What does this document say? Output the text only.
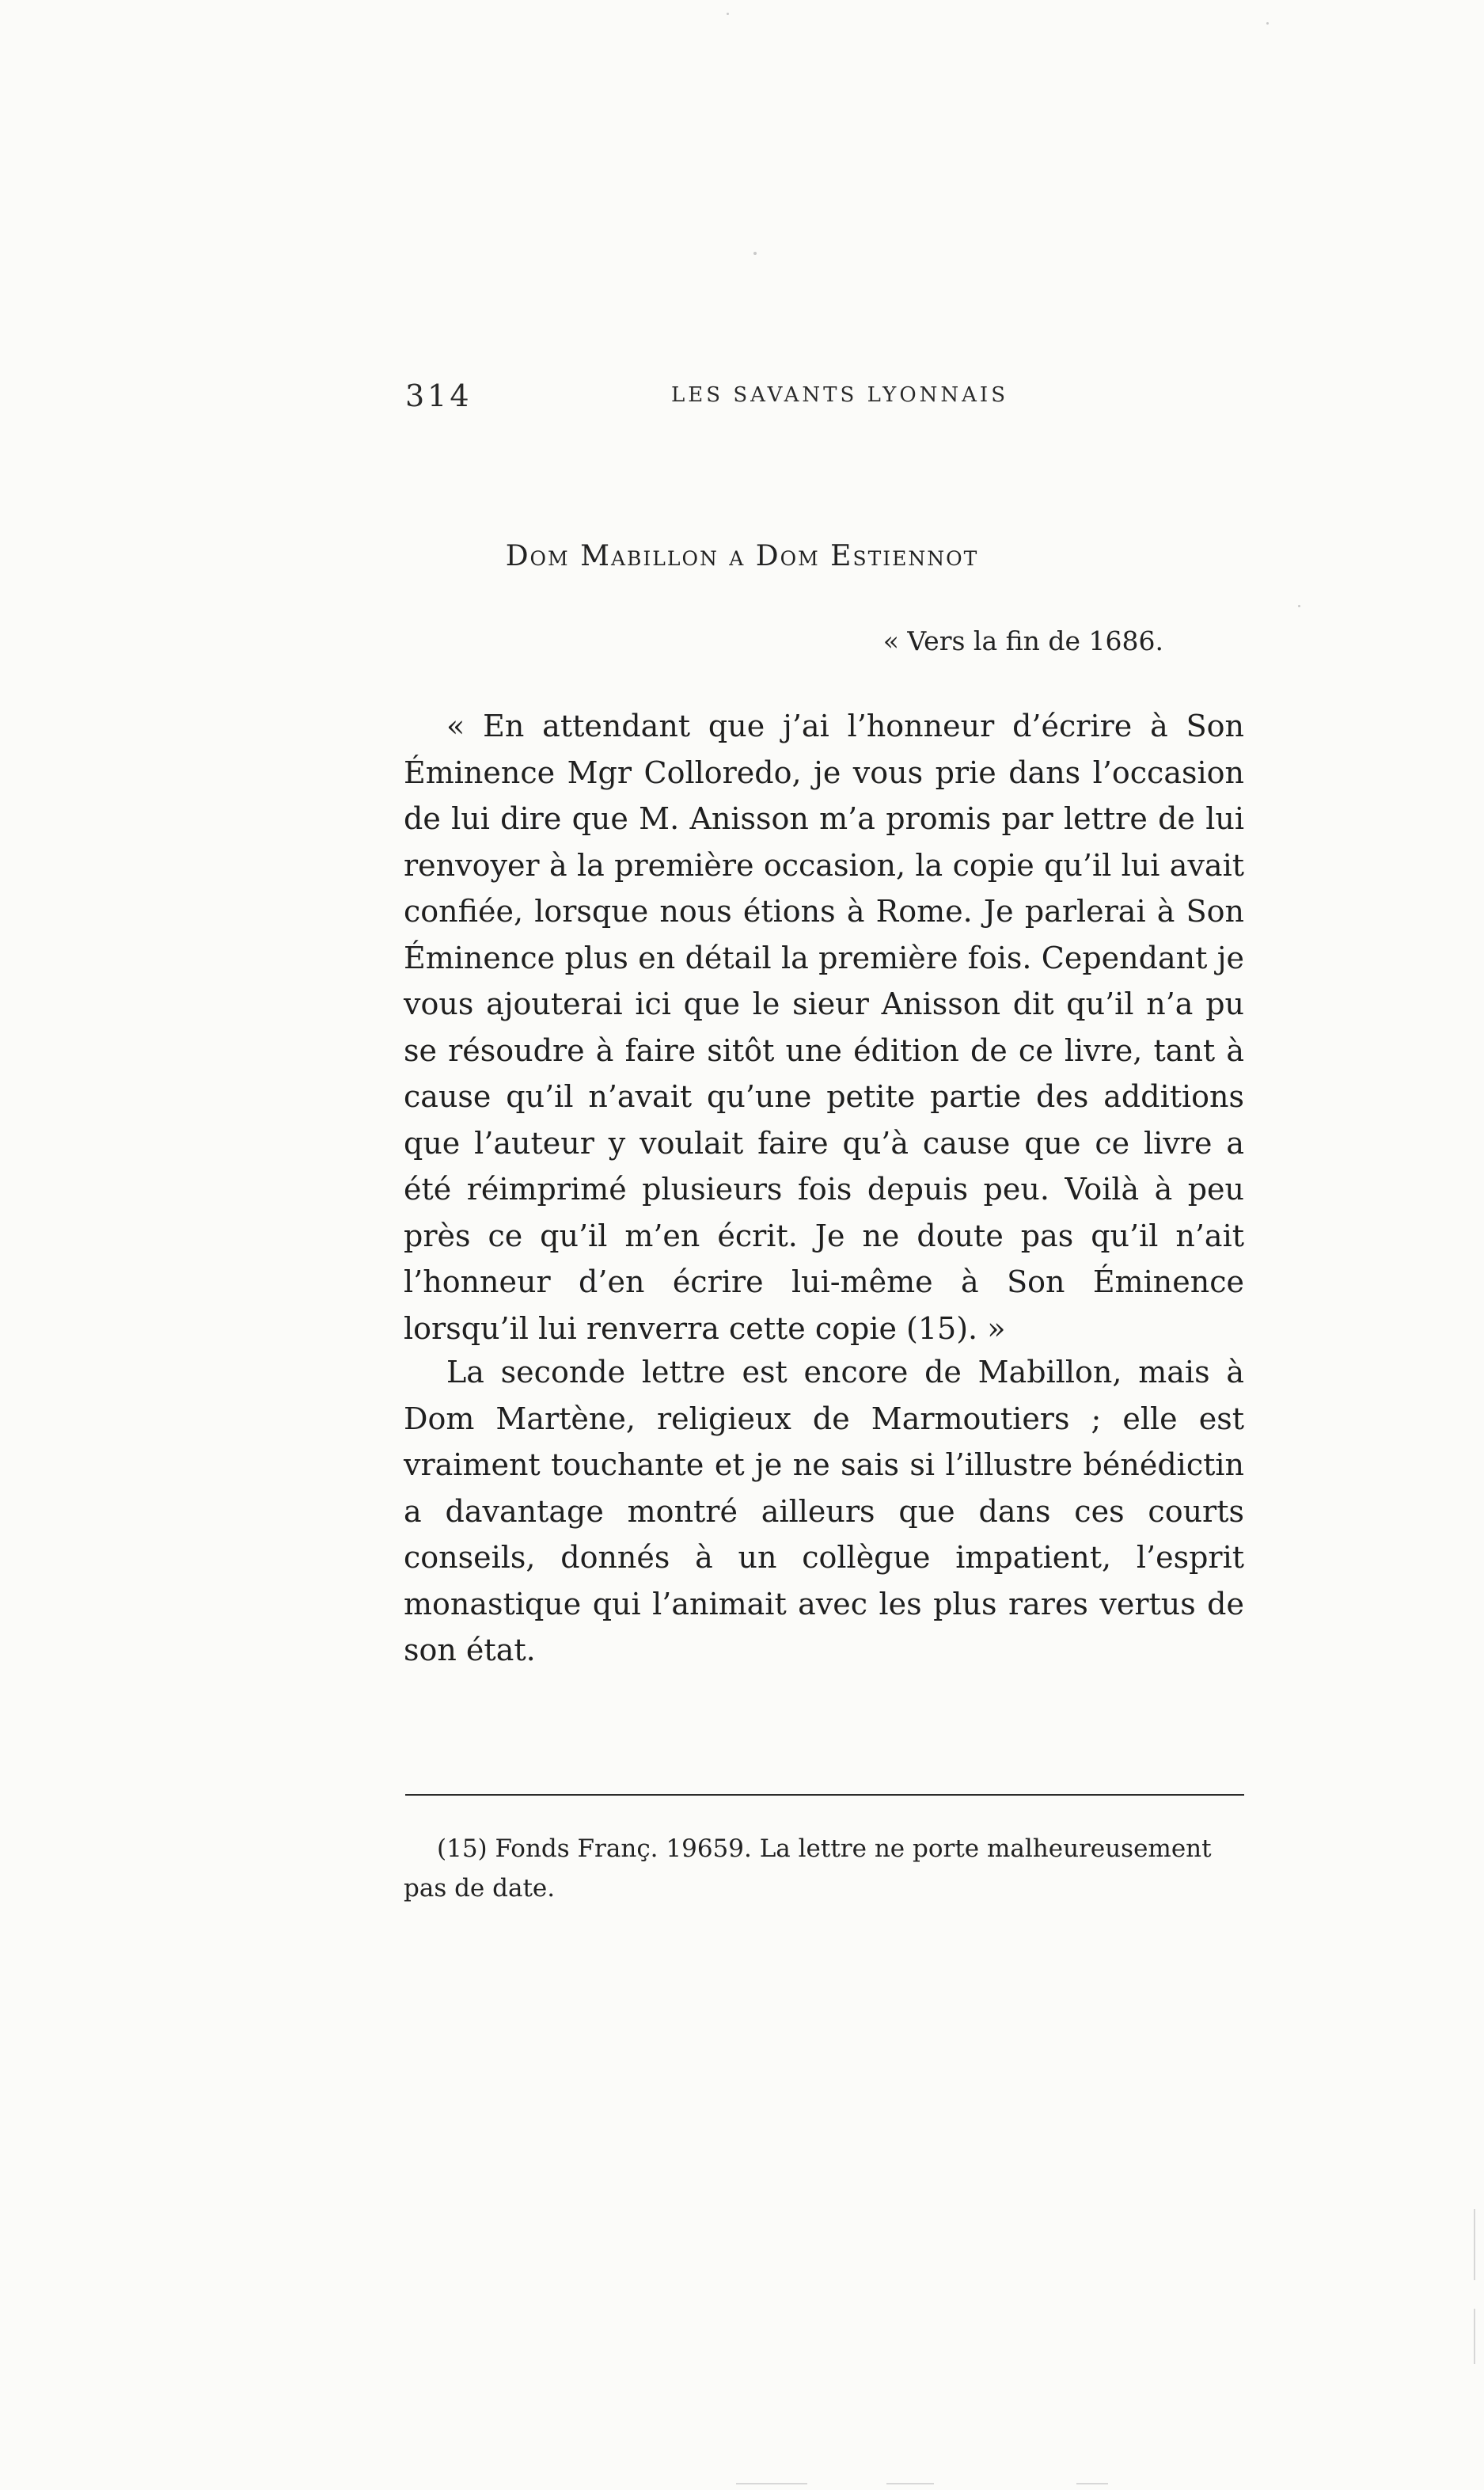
314	LES SAVANTS LYONNAIS
Dom Mabillon a Dom Estiennot
« Vers la fin de 1686.
« En attendant que j’ai l’honneur d’écrire à Son Éminence Mgr Colloredo, je vous prie dans l’occasion de lui dire que M. Anisson m’a promis par lettre de lui renvoyer à la première occasion, la copie qu’il lui avait confiée, lorsque nous étions à Rome. Je parlerai à Son Éminence plus en détail la première fois. Cependant je vous ajouterai ici que le sieur Anisson dit qu’il n’a pu se résoudre à faire sitôt une édition de ce livre, tant à cause qu’il n’avait qu’une petite partie des additions que l’auteur y voulait faire qu’à cause que ce livre a été réimprimé plusieurs fois depuis peu. Voilà à peu près ce qu’il m’en écrit. Je ne doute pas qu’il n’ait l’honneur d’en écrire lui-même à Son Éminence lorsqu’il lui renverra cette copie (15). »
La seconde lettre est encore de Mabillon, mais à Dom Martène, religieux de Marmoutiers ; elle est vraiment touchante et je ne sais si l’illustre bénédictin a davantage montré ailleurs que dans ces courts conseils, donnés à un collègue impatient, l’esprit monastique qui l’animait avec les plus rares vertus de son état.
(15) Fonds Franç. 19659. La lettre ne porte malheureusement pas de date.
